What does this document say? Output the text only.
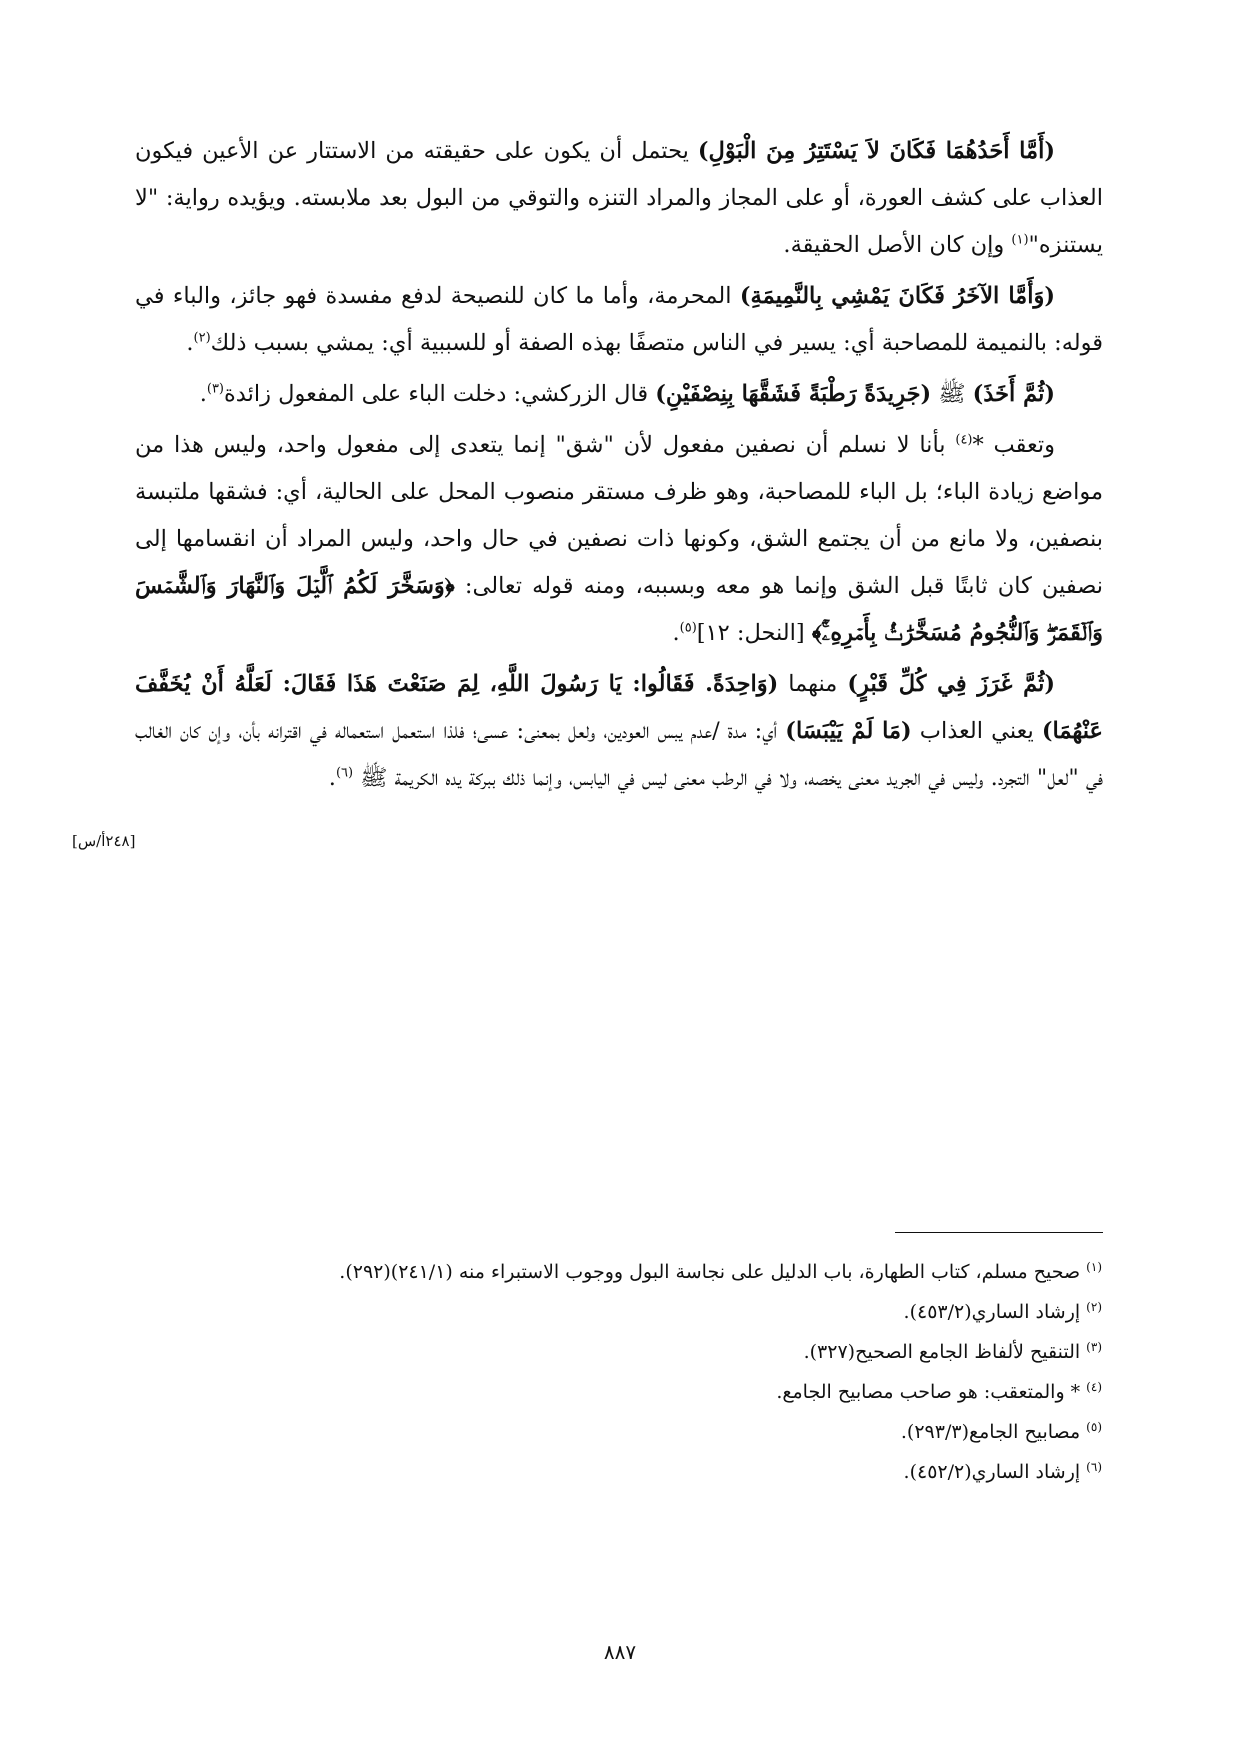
(أَمَّا أَحَدُهُمَا فَكَانَ لاَ يَسْتَتِرُ مِنَ الْبَوْلِ) يحتمل أن يكون على حقيقته من الاستتار عن الأعين فيكون العذاب على كشف العورة، أو على المجاز والمراد التنزه والتوقي من البول بعد ملابسته. ويؤيده رواية: "لا يستنزه"$^{(١)}$ وإن كان الأصل الحقيقة.

(وَأَمَّا الآخَرُ فَكَانَ يَمْشِي بِالنَّمِيمَةِ) المحرمة، وأما ما كان للنصيحة لدفع مفسدة فهو جائز، والباء في قوله: بالنميمة للمصاحبة أي: يسير في الناس متصفًا بهذه الصفة أو للسببية أي: يمشي بسبب ذلك$^{(٢)}$.

(ثُمَّ أَخَذَ) ﷺ (جَرِيدَةً رَطْبَةً فَشَقَّهَا بِنِصْفَيْنِ) قال الزركشي: دخلت الباء على المفعول زائدة$^{(٣)}$.

وتعقب *$^{(٤)}$ بأنا لا نسلم أن نصفين مفعول لأن "شق" إنما يتعدى إلى مفعول واحد، وليس هذا من مواضع زيادة الباء؛ بل الباء للمصاحبة، وهو ظرف مستقر منصوب المحل على الحالية، أي: فشقها ملتبسة بنصفين، ولا مانع من أن يجتمع الشق، وكونها ذات نصفين في حال واحد، وليس المراد أن انقسامها إلى نصفين كان ثابتًا قبل الشق وإنما هو معه وبسببه، ومنه قوله تعالى: ﴿وَسَخَّرَ لَكُمُ ٱلَّيۡلَ وَٱلنَّهَارَ وَٱلشَّمۡسَ وَٱلۡقَمَرَۖ وَٱلنُّجُومُ مُسَخَّرَٰتُۢ بِأَمۡرِهِۦٓۚ﴾ [النحل: ١٢]$^{(٥)}$.

(ثُمَّ غَرَزَ فِي كُلِّ قَبْرٍ) منهما (وَاحِدَةً. فَقَالُوا: يَا رَسُولَ اللَّهِ، لِمَ صَنَعْتَ هَذَا فَقَالَ: لَعَلَّهُ أَنْ يُخَفَّفَ عَنْهُمَا) يعني العذاب (مَا لَمْ يَيْبَسَا) أي: مدة /عدم يبس العودين، ولعل بمعنى: عسى؛ فلذا استعمل استعماله في اقترانه بأن، وإن كان الغالب في "لعل" التجرد. وليس في الجريد معنى يخصه، ولا في الرطب معنى ليس في اليابس، وإنما ذلك ببركة يده الكريمة ﷺ $^{(٦)}$.

[٢٤٨أ/س]

$^{(١)}$صحيح مسلم، كتاب الطهارة، باب الدليل على نجاسة البول ووجوب الاستبراء منه (٢٤١/١)(٢٩٢).

$^{(٢)}$إرشاد الساري(٤٥٣/٢).

$^{(٣)}$التنقيح لألفاظ الجامع الصحيح(٣٢٧).

$^{(٤)}$* والمتعقب: هو صاحب مصابيح الجامع.

$^{(٥)}$مصابيح الجامع(٢٩٣/٣).

$^{(٦)}$إرشاد الساري(٤٥٢/٢).

٨٨٧
